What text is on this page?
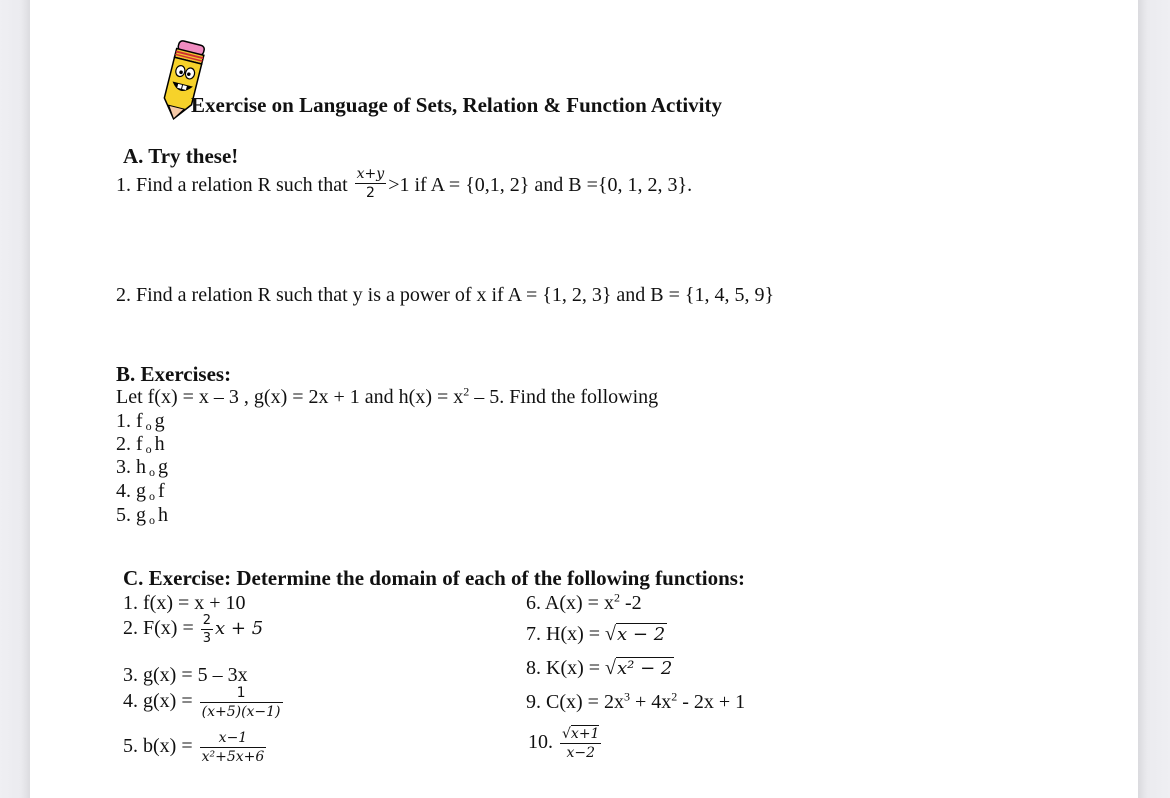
Exercise on Language of Sets, Relation & Function Activity
A. Try these!
1. Find a relation R such that $\frac{x+y}{2} >1$ if A = {0,1, 2} and B ={0, 1, 2, 3}.
2. Find a relation R such that y is a power of x if A = {1, 2, 3} and B = {1, 4, 5, 9}
B. Exercises:
Let f(x) = x – 3 , g(x) = 2x + 1 and $h(x) = x^2 - 5$. Find the following
1. f o g
2. f o h
3. h o g
4. g o f
5. g o h
C. Exercise: Determine the domain of each of the following functions:
1. f(x) = x + 10
2. $F(x) = \frac{2}{3}$ x + 5
3. g(x) = 5 – 3x
4. $g(x) = \frac{1}{(x+5)(x-1)}$
5. $b(x) = \frac{x-1}{\text{x²+5x+6}}$
6. $A(x) = x^2$ -2
7. H(x) = √x − 2
8. K(x) = √x² − 2
9. $C(x) = 2x^3 + 4x^2 - 2x + 1$
10. $\frac{√x+1}{x-2}$
